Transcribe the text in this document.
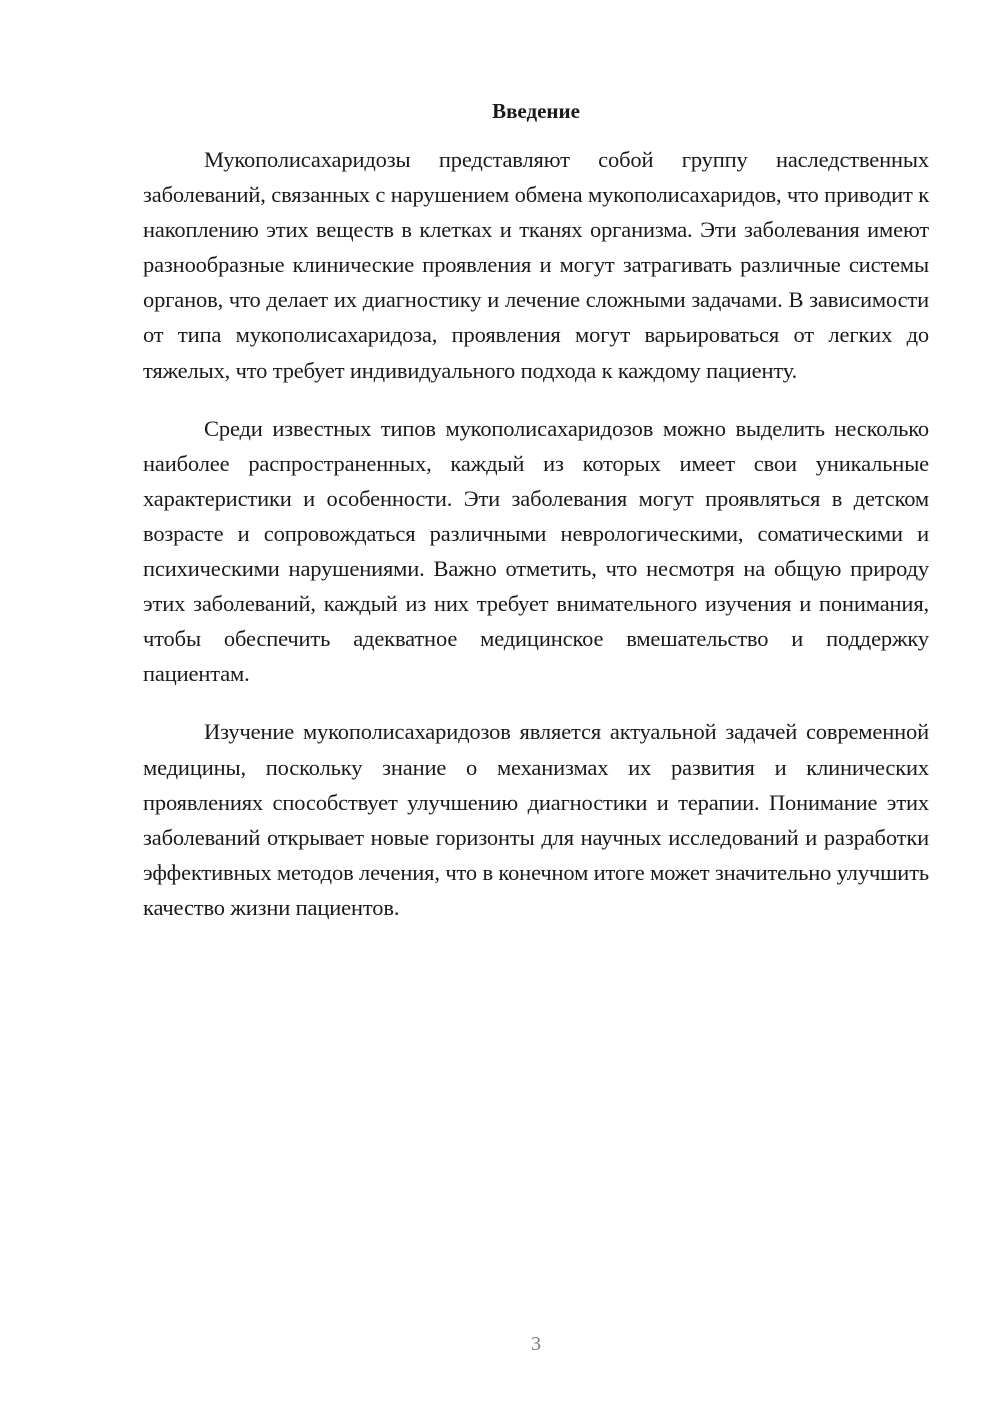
Введение

Мукополисахаридозы представляют собой группу наследственных заболеваний, связанных с нарушением обмена мукополисахаридов, что приводит к накоплению этих веществ в клетках и тканях организма. Эти заболевания имеют разнообразные клинические проявления и могут затрагивать различные системы органов, что делает их диагностику и лечение сложными задачами. В зависимости от типа мукополисахаридоза, проявления могут варьироваться от легких до тяжелых, что требует индивидуального подхода к каждому пациенту.

Среди известных типов мукополисахаридозов можно выделить несколько наиболее распространенных, каждый из которых имеет свои уникальные характеристики и особенности. Эти заболевания могут проявляться в детском возрасте и сопровождаться различными неврологическими, соматическими и психическими нарушениями. Важно отметить, что несмотря на общую природу этих заболеваний, каждый из них требует внимательного изучения и понимания, чтобы обеспечить адекватное медицинское вмешательство и поддержку пациентам.

Изучение мукополисахаридозов является актуальной задачей современной медицины, поскольку знание о механизмах их развития и клинических проявлениях способствует улучшению диагностики и терапии. Понимание этих заболеваний открывает новые горизонты для научных исследований и разработки эффективных методов лечения, что в конечном итоге может значительно улучшить качество жизни пациентов.

3
